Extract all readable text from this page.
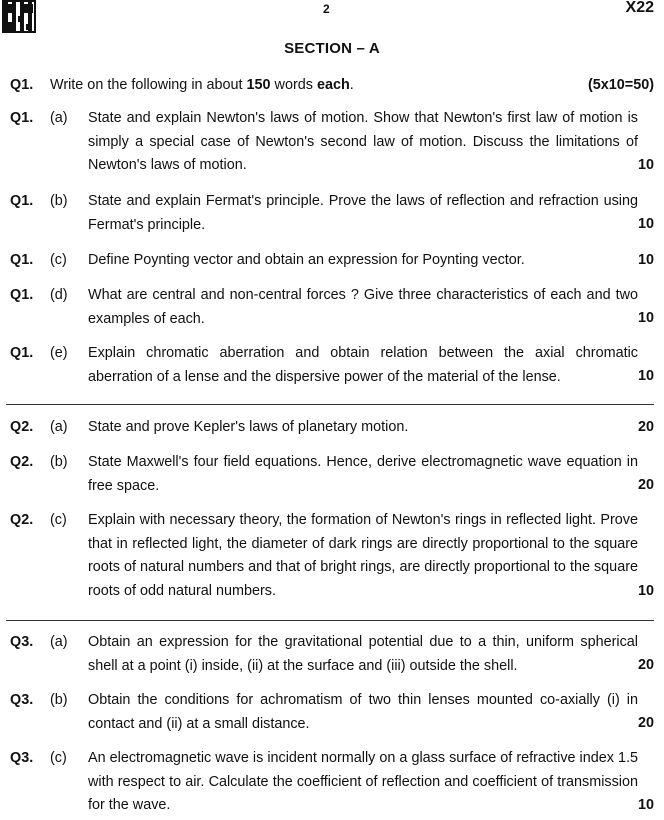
2	X22
SECTION – A
Q1. Write on the following in about 150 words each.	(5x10=50)
Q1. (a) State and explain Newton's laws of motion. Show that Newton's first law of motion is simply a special case of Newton's second law of motion. Discuss the limitations of Newton's laws of motion.	10
Q1. (b) State and explain Fermat's principle. Prove the laws of reflection and refraction using Fermat's principle.	10
Q1. (c) Define Poynting vector and obtain an expression for Poynting vector.	10
Q1. (d) What are central and non-central forces ? Give three characteristics of each and two examples of each.	10
Q1. (e) Explain chromatic aberration and obtain relation between the axial chromatic aberration of a lense and the dispersive power of the material of the lense.	10
Q2. (a) State and prove Kepler's laws of planetary motion.	20
Q2. (b) State Maxwell's four field equations. Hence, derive electromagnetic wave equation in free space.	20
Q2. (c) Explain with necessary theory, the formation of Newton's rings in reflected light. Prove that in reflected light, the diameter of dark rings are directly proportional to the square roots of natural numbers and that of bright rings, are directly proportional to the square roots of odd natural numbers.	10
Q3. (a) Obtain an expression for the gravitational potential due to a thin, uniform spherical shell at a point (i) inside, (ii) at the surface and (iii) outside the shell.	20
Q3. (b) Obtain the conditions for achromatism of two thin lenses mounted co-axially (i) in contact and (ii) at a small distance.	20
Q3. (c) An electromagnetic wave is incident normally on a glass surface of refractive index 1.5 with respect to air. Calculate the coefficient of reflection and coefficient of transmission for the wave.	10
